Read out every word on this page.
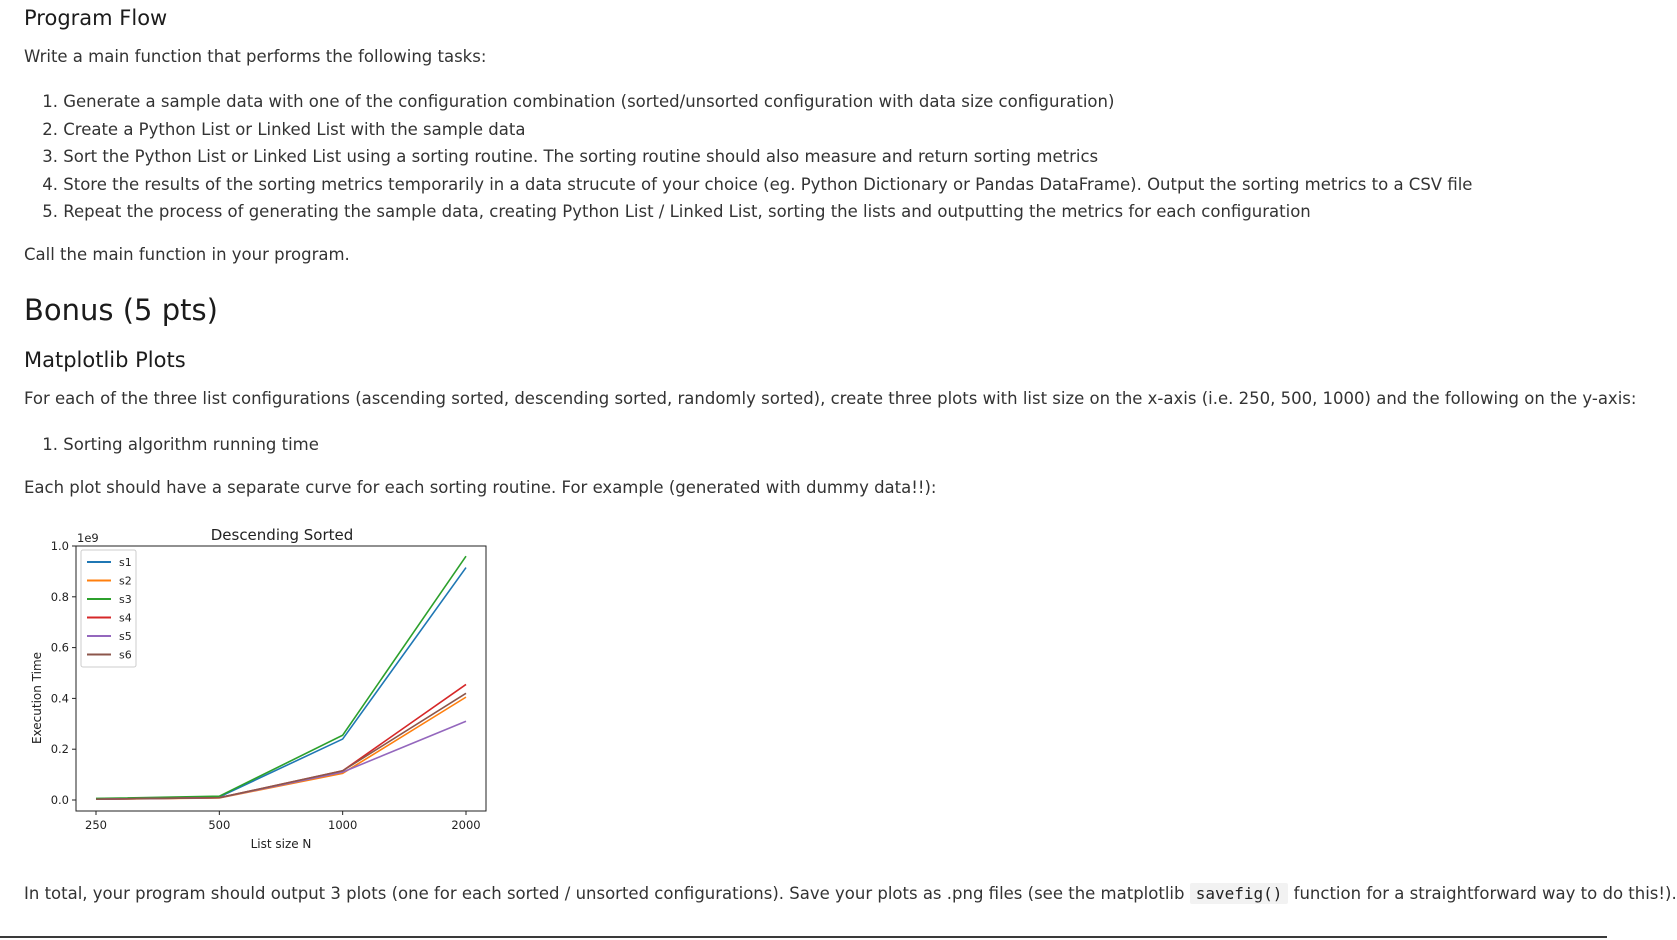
Program Flow

Write a main function that performs the following tasks:

1. Generate a sample data with one of the configuration combination (sorted/unsorted configuration with data size configuration)
2. Create a Python List or Linked List with the sample data
3. Sort the Python List or Linked List using a sorting routine. The sorting routine should also measure and return sorting metrics
4. Store the results of the sorting metrics temporarily in a data strucute of your choice (eg. Python Dictionary or Pandas DataFrame). Output the sorting metrics to a CSV file
5. Repeat the process of generating the sample data, creating Python List / Linked List, sorting the lists and outputting the metrics for each configuration

Call the main function in your program.

Bonus (5 pts)
Matplotlib Plots

For each of the three list configurations (ascending sorted, descending sorted, randomly sorted), create three plots with list size on the x-axis (i.e. 250, 500, 1000) and the following on the y-axis:

1. Sorting algorithm running time

Each plot should have a separate curve for each sorting routine. For example (generated with dummy data!!):

In total, your program should output 3 plots (one for each sorted / unsorted configurations). Save your plots as .png files (see the matplotlib savefig() function for a straightforward way to do this!).

Descending Sorted
1e9
0.0
0.2
0.4
0.6
0.8
1.0
250	500	1000	2000
s1
s2
s3
s4
s5
s6
List size N
Execution Time
